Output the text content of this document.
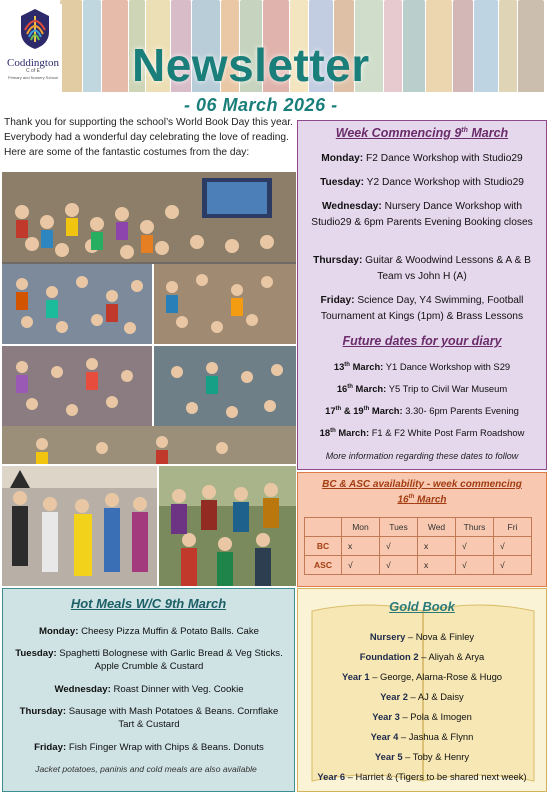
Coddington
C of E
Primary and Nursery School Newsletter
- 06 March 2026 -
Thank you for supporting the school’s World Book Day this year. Everybody had a wonderful day celebrating the love of reading. Here are some of the fantastic costumes from the day:
Week Commencing 9th March
Monday: F2 Dance Workshop with Studio29
Tuesday: Y2 Dance Workshop with Studio29
Wednesday: Nursery Dance Workshop with Studio29 & 6pm Parents Evening Booking closes
Thursday: Guitar & Woodwind Lessons & A & B Team vs John H (A)
Friday: Science Day, Y4 Swimming, Football Tournament at Kings (1pm) & Brass Lessons
Future dates for your diary
13th March: Y1 Dance Workshop with S29
16th March: Y5 Trip to Civil War Museum
17th & 19th March: 3.30- 6pm Parents Evening
18th March: F1 & F2 White Post Farm Roadshow
More information regarding these dates to follow
BC & ASC availability - week commencing
16th March
	Mon	Tues	Wed	Thurs	Fri
BC	x	√	x	√	√
ASC	√	√	x	√	√
Hot Meals W/C 9th March
Monday: Cheesy Pizza Muffin & Potato Balls. Cake
Tuesday: Spaghetti Bolognese with Garlic Bread & Veg Sticks. Apple Crumble & Custard
Wednesday: Roast Dinner with Veg. Cookie
Thursday: Sausage with Mash Potatoes & Beans. Cornflake Tart & Custard
Friday: Fish Finger Wrap with Chips & Beans. Donuts
Jacket potatoes, paninis and cold meals are also available
Gold Book
Nursery – Nova & Finley
Foundation 2 – Aliyah & Arya
Year 1 – George, Alarna-Rose & Hugo
Year 2 – AJ & Daisy
Year 3 – Pola & Imogen
Year 4 – Jashua & Flynn
Year 5 – Toby & Henry
Year 6 – Harriet & (Tigers to be shared next week)
